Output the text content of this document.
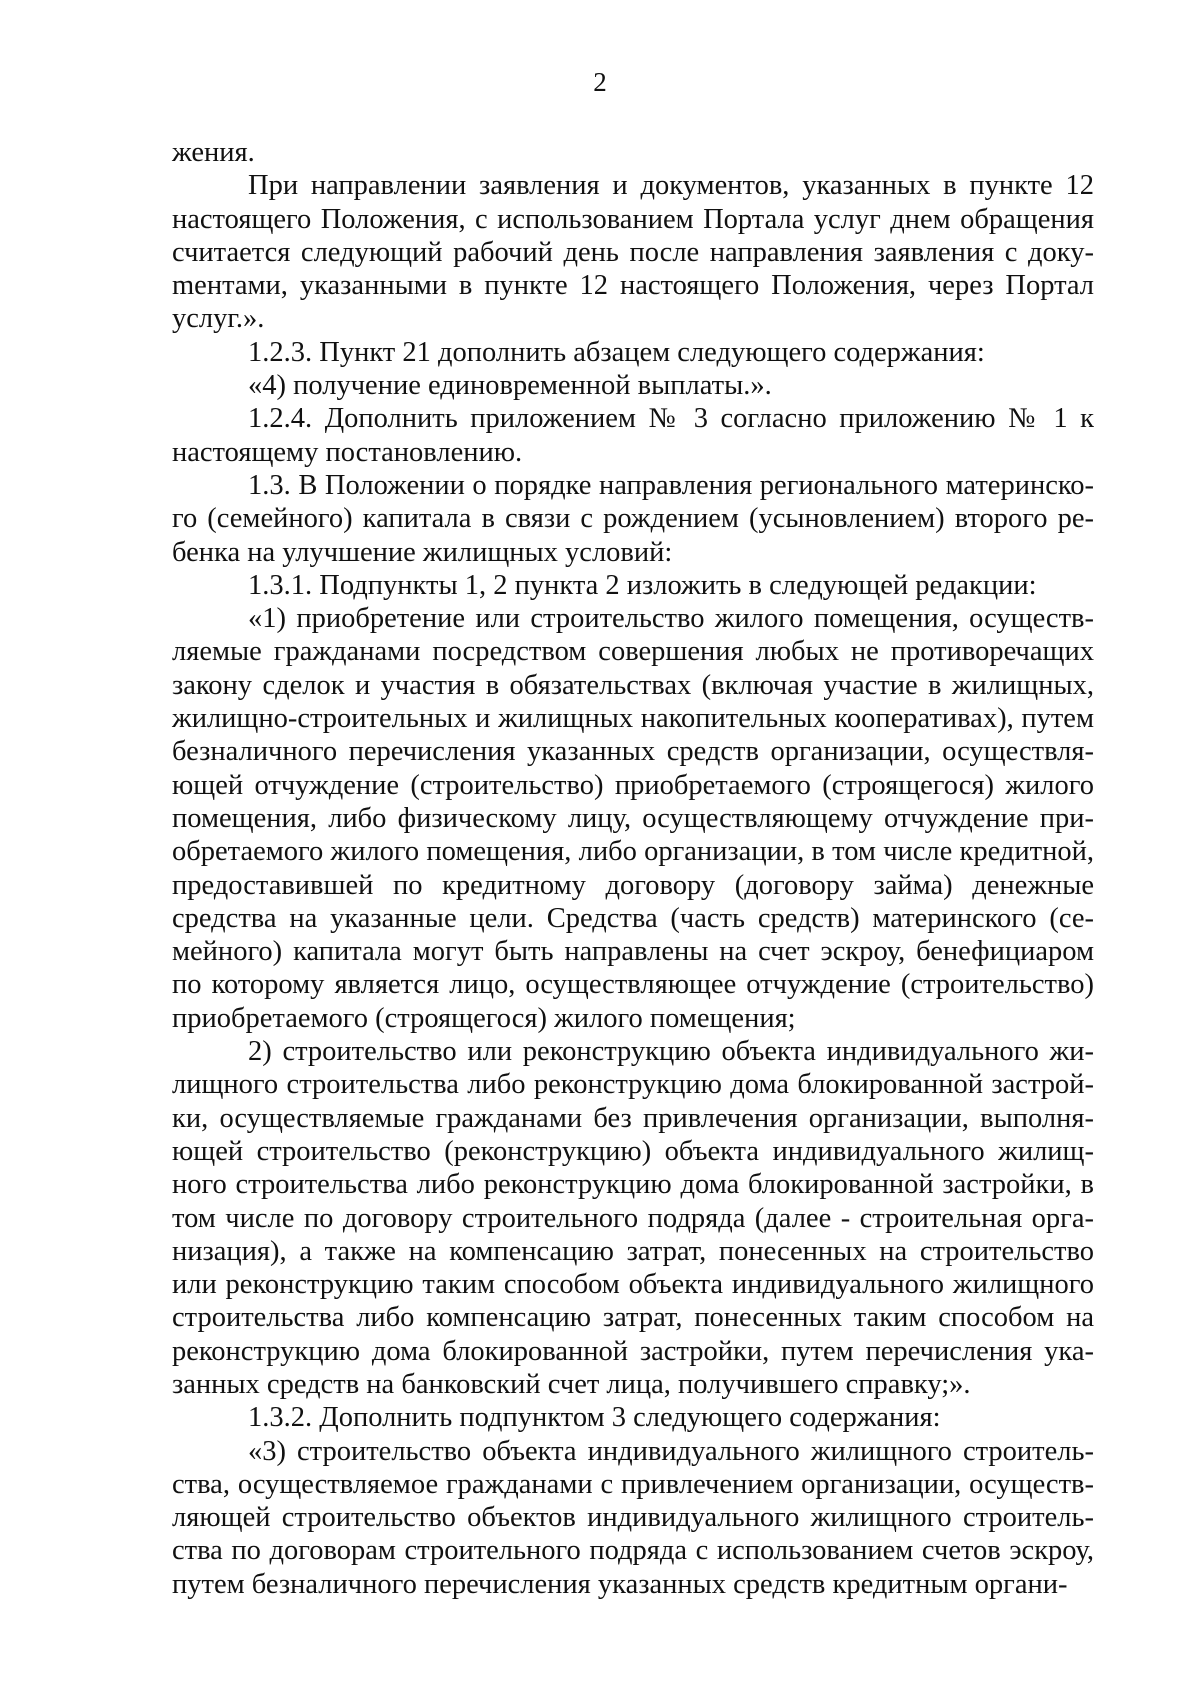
2

жения.

При направлении заявления и документов, указанных в пункте 12 настоящего Положения, с использованием Портала услуг днем обращения считается следующий рабочий день после направления заявления с докуmентами, указанными в пункте 12 настоящего Положения, через Портал услуг.».

1.2.3. Пункт 21 дополнить абзацем следующего содержания:

«4) получение единовременной выплаты.».

1.2.4. Дополнить приложением № 3 согласно приложению № 1 к настоящему постановлению.

1.3. В Положении о порядке направления регионального материнского (семейного) капитала в связи с рождением (усыновлением) второго ребенка на улучшение жилищных условий:

1.3.1. Подпункты 1, 2 пункта 2 изложить в следующей редакции:

«1) приобретение или строительство жилого помещения, осуществляемые гражданами посредством совершения любых не противоречащих закону сделок и участия в обязательствах (включая участие в жилищных, жилищно-строительных и жилищных накопительных кооперативах), путем безналичного перечисления указанных средств организации, осуществляющей отчуждение (строительство) приобретаемого (строящегося) жилого помещения, либо физическому лицу, осуществляющему отчуждение приобретаемого жилого помещения, либо организации, в том числе кредитной, предоставившей по кредитному договору (договору займа) денежные средства на указанные цели. Средства (часть средств) материнского (семейного) капитала могут быть направлены на счет эскроу, бенефициаром по которому является лицо, осуществляющее отчуждение (строительство) приобретаемого (строящегося) жилого помещения;

2) строительство или реконструкцию объекта индивидуального жилищного строительства либо реконструкцию дома блокированной застройки, осуществляемые гражданами без привлечения организации, выполняющей строительство (реконструкцию) объекта индивидуального жилищного строительства либо реконструкцию дома блокированной застройки, в том числе по договору строительного подряда (далее - строительная организация), а также на компенсацию затрат, понесенных на строительство или реконструкцию таким способом объекта индивидуального жилищного строительства либо компенсацию затрат, понесенных таким способом на реконструкцию дома блокированной застройки, путем перечисления указанных средств на банковский счет лица, получившего справку;».

1.3.2. Дополнить подпунктом 3 следующего содержания:

«3) строительство объекта индивидуального жилищного строительства, осуществляемое гражданами с привлечением организации, осуществляющей строительство объектов индивидуального жилищного строительства по договорам строительного подряда с использованием счетов эскроу, путем безналичного перечисления указанных средств кредитным органи-
